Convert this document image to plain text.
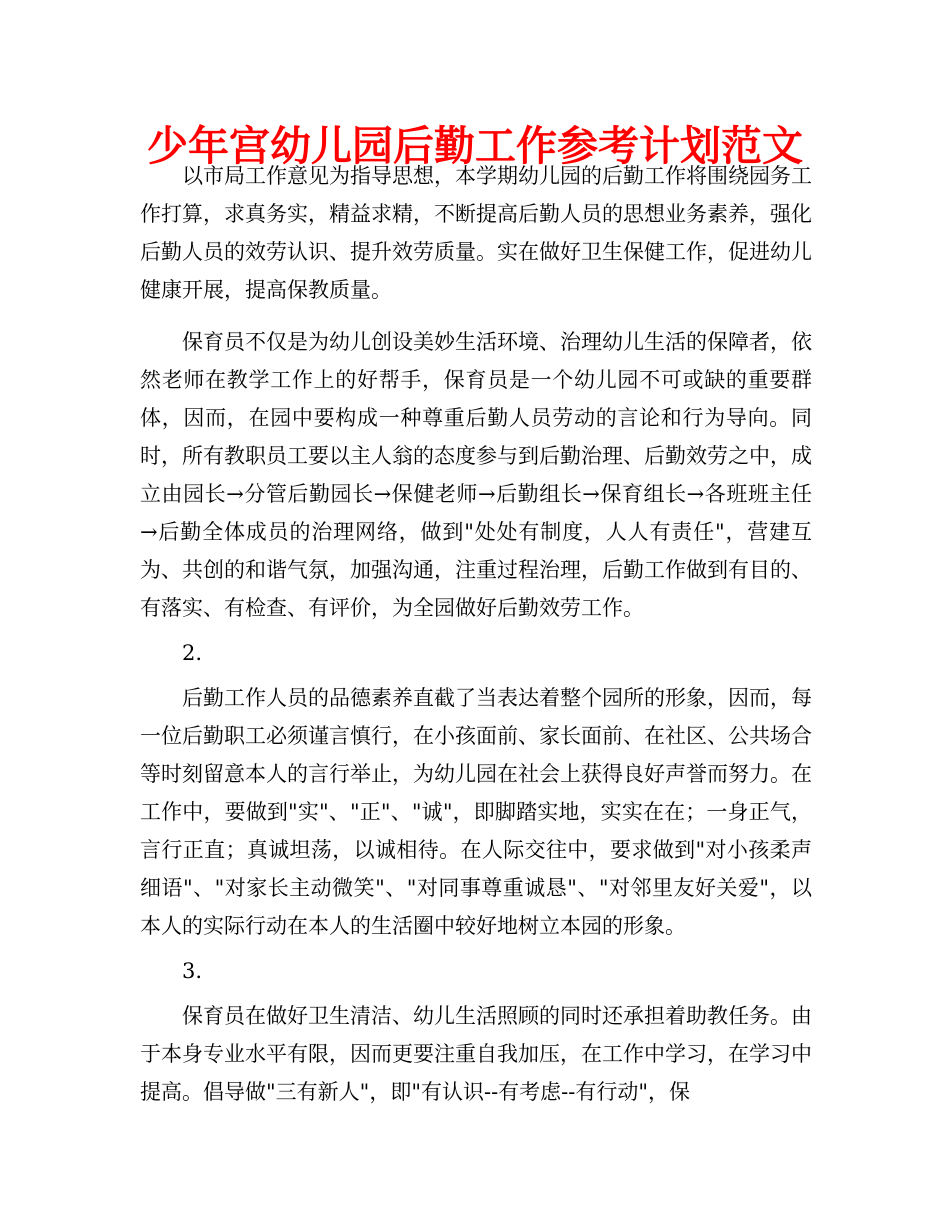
少年宫幼儿园后勤工作参考计划范文

以市局工作意见为指导思想，本学期幼儿园的后勤工作将围绕园务工作打算，求真务实，精益求精，不断提高后勤人员的思想业务素养，强化后勤人员的效劳认识、提升效劳质量。实在做好卫生保健工作，促进幼儿健康开展，提高保教质量。

保育员不仅是为幼儿创设美妙生活环境、治理幼儿生活的保障者，依然老师在教学工作上的好帮手，保育员是一个幼儿园不可或缺的重要群体，因而，在园中要构成一种尊重后勤人员劳动的言论和行为导向。同时，所有教职员工要以主人翁的态度参与到后勤治理、后勤效劳之中，成立由园长→分管后勤园长→保健老师→后勤组长→保育组长→各班班主任→后勤全体成员的治理网络，做到"处处有制度，人人有责任"，营建互为、共创的和谐气氛，加强沟通，注重过程治理，后勤工作做到有目的、有落实、有检查、有评价，为全园做好后勤效劳工作。

2.

后勤工作人员的品德素养直截了当表达着整个园所的形象，因而，每一位后勤职工必须谨言慎行，在小孩面前、家长面前、在社区、公共场合等时刻留意本人的言行举止，为幼儿园在社会上获得良好声誉而努力。在工作中，要做到"实"、"正"、"诚"，即脚踏实地，实实在在；一身正气，言行正直；真诚坦荡，以诚相待。在人际交往中，要求做到"对小孩柔声细语"、"对家长主动微笑"、"对同事尊重诚恳"、"对邻里友好关爱"，以本人的实际行动在本人的生活圈中较好地树立本园的形象。

3.

保育员在做好卫生清洁、幼儿生活照顾的同时还承担着助教任务。由于本身专业水平有限，因而更要注重自我加压，在工作中学习，在学习中提高。倡导做"三有新人"，即"有认识--有考虑--有行动"，保
